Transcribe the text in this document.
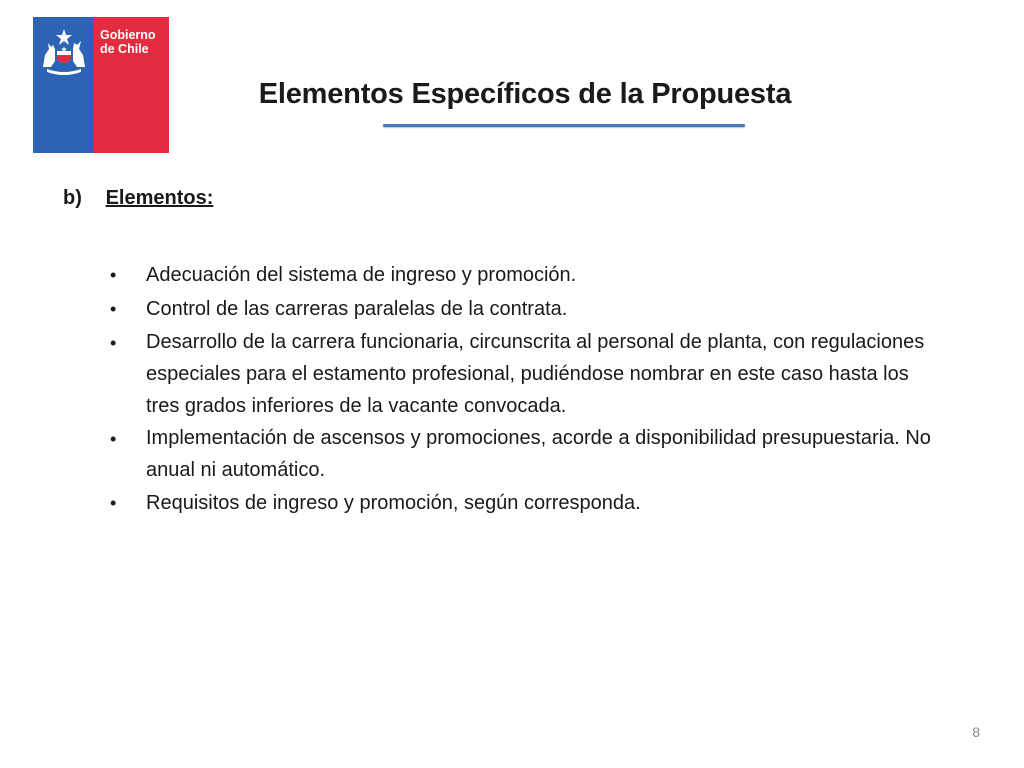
Gobierno
de Chile
Elementos Específicos de la Propuesta
b) Elementos:
• Adecuación del sistema de ingreso y promoción.
• Control de las carreras paralelas de la contrata.
• Desarrollo de la carrera funcionaria, circunscrita al personal de planta, con regulaciones especiales para el estamento profesional, pudiéndose nombrar en este caso hasta los tres grados inferiores de la vacante convocada.
• Implementación de ascensos y promociones, acorde a disponibilidad presupuestaria. No anual ni automático.
• Requisitos de ingreso y promoción, según corresponda.
8
